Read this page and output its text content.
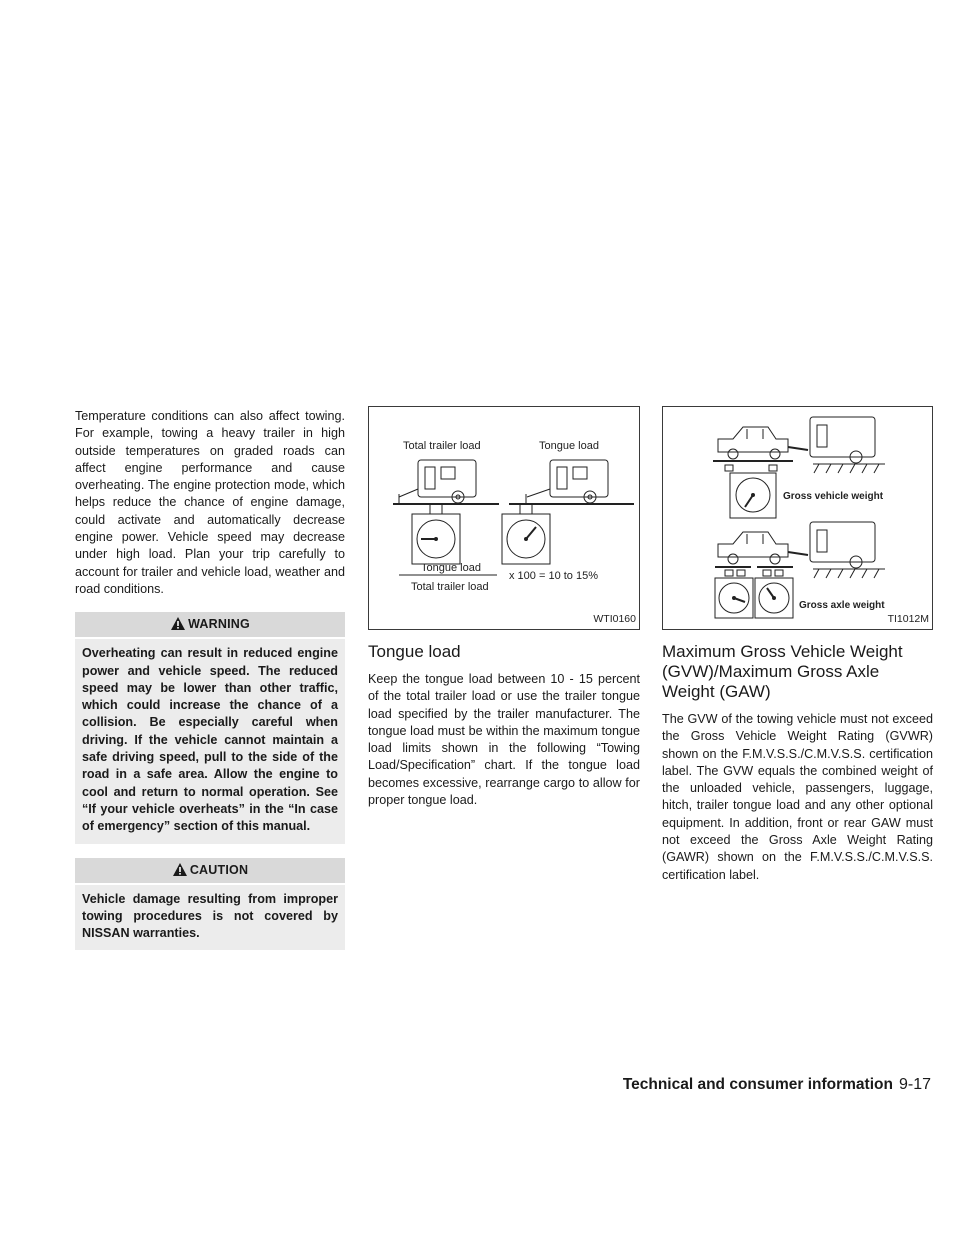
Temperature conditions can also affect towing. For example, towing a heavy trailer in high outside temperatures on graded roads can affect engine performance and cause overheating. The engine protection mode, which helps reduce the chance of engine damage, could activate and automatically decrease engine power. Vehicle speed may decrease under high load. Plan your trip carefully to account for trailer and vehicle load, weather and road conditions.

WARNING
Overheating can result in reduced engine power and vehicle speed. The reduced speed may be lower than other traffic, which could increase the chance of a collision. Be especially careful when driving. If the vehicle cannot maintain a safe driving speed, pull to the side of the road in a safe area. Allow the engine to cool and return to normal operation. See “If your vehicle overheats” in the “In case of emergency” section of this manual.
CAUTION
Vehicle damage resulting from improper towing procedures is not covered by NISSAN warranties.
Total trailer load	Tongue load
Tongue load
Total trailer load
x 100 = 10 to 15%
WTI0160
Tongue load

Keep the tongue load between 10 - 15 percent of the total trailer load or use the trailer tongue load specified by the trailer manufacturer. The tongue load must be within the maximum tongue load limits shown in the following “Towing Load/Specification” chart. If the tongue load becomes excessive, rearrange cargo to allow for proper tongue load.

Gross vehicle weight
Gross axle weight
TI1012M
Maximum Gross Vehicle Weight (GVW)/Maximum Gross Axle Weight (GAW)

The GVW of the towing vehicle must not exceed the Gross Vehicle Weight Rating (GVWR) shown on the F.M.V.S.S./C.M.V.S.S. certification label. The GVW equals the combined weight of the unloaded vehicle, passengers, luggage, hitch, trailer tongue load and any other optional equipment. In addition, front or rear GAW must not exceed the Gross Axle Weight Rating (GAWR) shown on the F.M.V.S.S./C.M.V.S.S. certification label.

Technical and consumer information 9-17
